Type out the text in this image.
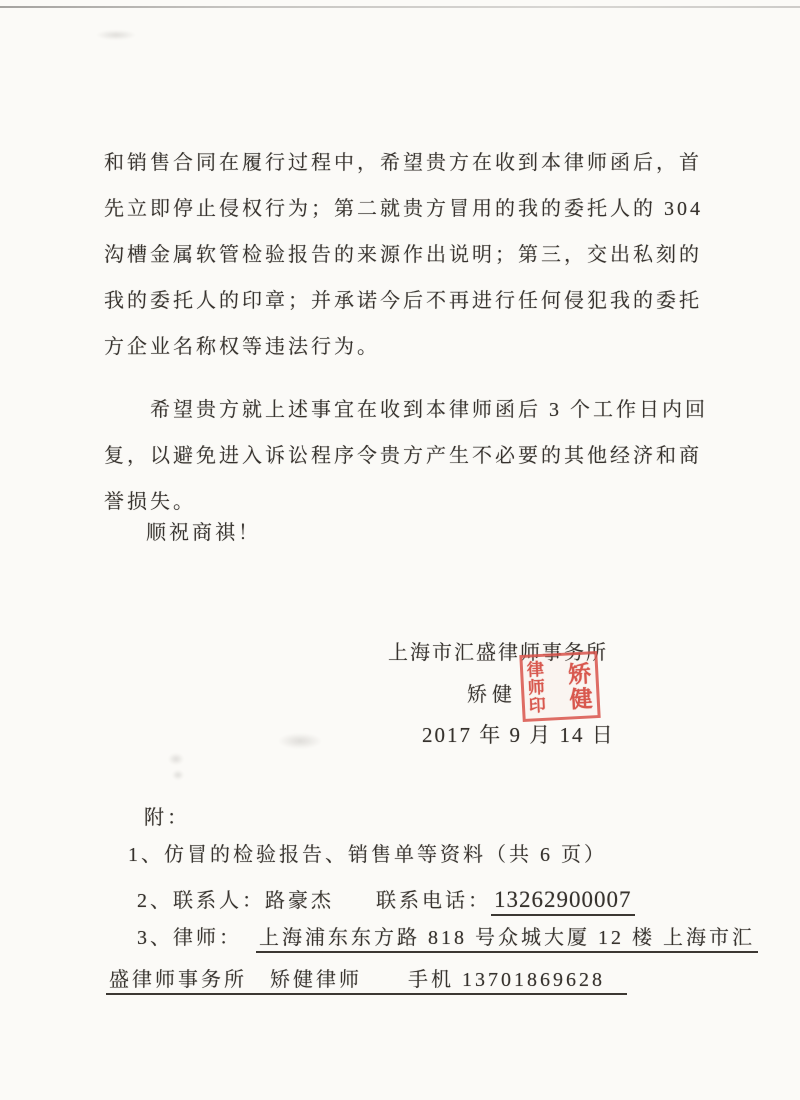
和销售合同在履行过程中，希望贵方在收到本律师函后，首
先立即停止侵权行为；第二就贵方冒用的我的委托人的 304
沟槽金属软管检验报告的来源作出说明；第三，交出私刻的
我的委托人的印章；并承诺今后不再进行任何侵犯我的委托
方企业名称权等违法行为。
希望贵方就上述事宜在收到本律师函后 3 个工作日内回
复，以避免进入诉讼程序令贵方产生不必要的其他经济和商
誉损失。
顺祝商祺！
上海市汇盛律师事务所
矫健
律师印
矫健
2017 年 9 月 14 日
附：
1、仿冒的检验报告、销售单等资料（共 6 页）
2、联系人：路豪杰 联系电话： 13262900007
3、律师： 上海浦东东方路 818 号众城大厦 12 楼 上海市汇
盛律师事务所　矫健律师　　手机 13701869628
